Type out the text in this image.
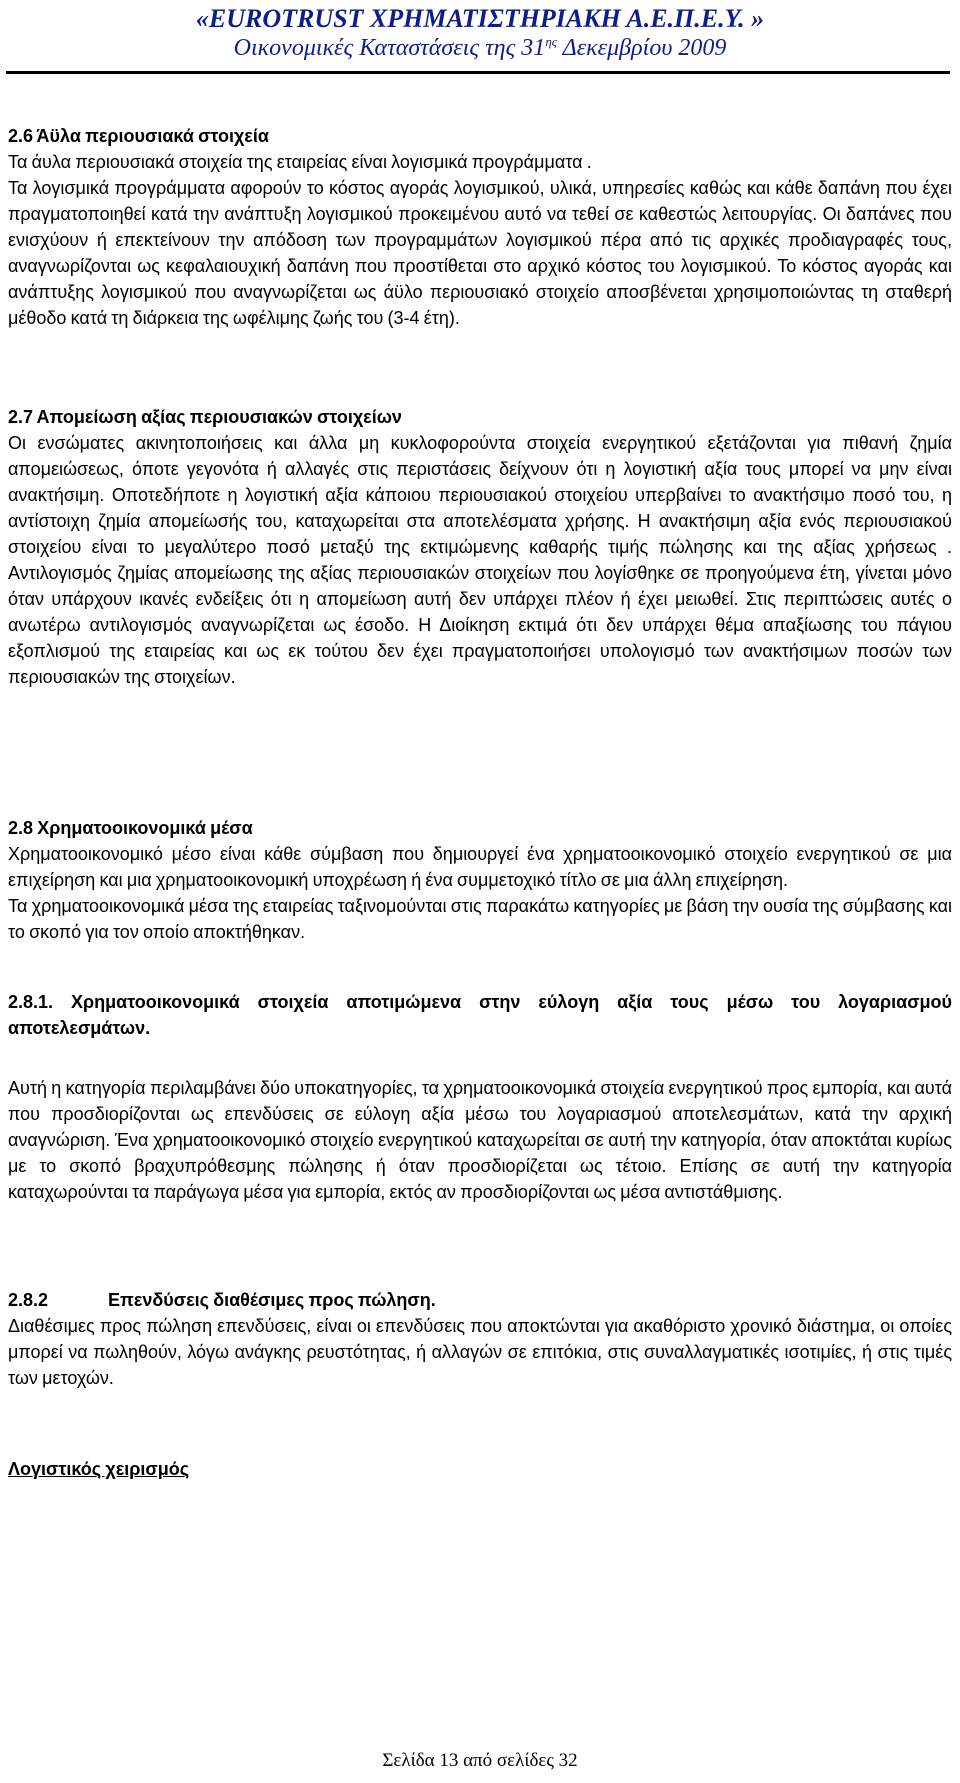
«EUROTRUST ΧΡΗΜΑΤΙΣΤΗΡΙΑΚΗ Α.Ε.Π.Ε.Υ. »
Οικονομικές Καταστάσεις της $31^{\eta\varsigma}$ Δεκεμβρίου 2009

2.6 Άϋλα περιουσιακά στοιχεία

Τα άυλα περιουσιακά στοιχεία της εταιρείας είναι λογισμικά προγράμματα .

Τα λογισμικά προγράμματα αφορούν το κόστος αγοράς λογισμικού, υλικά, υπηρεσίες καθώς και κάθε δαπάνη που έχει πραγματοποιηθεί κατά την ανάπτυξη λογισμικού προκειμένου αυτό να τεθεί σε καθεστώς λειτουργίας. Οι δαπάνες που ενισχύουν ή επεκτείνουν την απόδοση των προγραμμάτων λογισμικού πέρα από τις αρχικές προδιαγραφές τους, αναγνωρίζονται ως κεφαλαιουχική δαπάνη που προστίθεται στο αρχικό κόστος του λογισμικού. Το κόστος αγοράς και ανάπτυξης λογισμικού που αναγνωρίζεται ως άϋλο περιουσιακό στοιχείο αποσβένεται χρησιμοποιώντας τη σταθερή μέθοδο κατά τη διάρκεια της ωφέλιμης ζωής του (3-4 έτη).

2.7 Απομείωση αξίας περιουσιακών στοιχείων

Οι ενσώματες ακινητοποιήσεις και άλλα μη κυκλοφορούντα στοιχεία ενεργητικού εξετάζονται για πιθανή ζημία απομειώσεως, όποτε γεγονότα ή αλλαγές στις περιστάσεις δείχνουν ότι η λογιστική αξία τους μπορεί να μην είναι ανακτήσιμη. Οποτεδήποτε η λογιστική αξία κάποιου περιουσιακού στοιχείου υπερβαίνει το ανακτήσιμο ποσό του, η αντίστοιχη ζημία απομείωσής του, καταχωρείται στα αποτελέσματα χρήσης. Η ανακτήσιμη αξία ενός περιουσιακού στοιχείου είναι το μεγαλύτερο ποσό μεταξύ της εκτιμώμενης καθαρής τιμής πώλησης και της αξίας χρήσεως . Αντιλογισμός ζημίας απομείωσης της αξίας περιουσιακών στοιχείων που λογίσθηκε σε προηγούμενα έτη, γίνεται μόνο όταν υπάρχουν ικανές ενδείξεις ότι η απομείωση αυτή δεν υπάρχει πλέον ή έχει μειωθεί. Στις περιπτώσεις αυτές ο ανωτέρω αντιλογισμός αναγνωρίζεται ως έσοδο. Η Διοίκηση εκτιμά ότι δεν υπάρχει θέμα απαξίωσης του πάγιου εξοπλισμού της εταιρείας και ως εκ τούτου δεν έχει πραγματοποιήσει υπολογισμό των ανακτήσιμων ποσών των περιουσιακών της στοιχείων.

2.8 Χρηματοοικονομικά μέσα

Χρηματοοικονομικό μέσο είναι κάθε σύμβαση που δημιουργεί ένα χρηματοοικονομικό στοιχείο ενεργητικού σε μια επιχείρηση και μια χρηματοοικονομική υποχρέωση ή ένα συμμετοχικό τίτλο σε μια άλλη επιχείρηση.

Τα χρηματοοικονομικά μέσα της εταιρείας ταξινομούνται στις παρακάτω κατηγορίες με βάση την ουσία της σύμβασης και το σκοπό για τον οποίο αποκτήθηκαν.

2.8.1. Χρηματοοικονομικά στοιχεία αποτιμώμενα στην εύλογη αξία τους μέσω του λογαριασμού αποτελεσμάτων.

Αυτή η κατηγορία περιλαμβάνει δύο υποκατηγορίες, τα χρηματοοικονομικά στοιχεία ενεργητικού προς εμπορία, και αυτά που προσδιορίζονται ως επενδύσεις σε εύλογη αξία μέσω του λογαριασμού αποτελεσμάτων, κατά την αρχική αναγνώριση. Ένα χρηματοοικονομικό στοιχείο ενεργητικού καταχωρείται σε αυτή την κατηγορία, όταν αποκτάται κυρίως με το σκοπό βραχυπρόθεσμης πώλησης ή όταν προσδιορίζεται ως τέτοιο. Επίσης σε αυτή την κατηγορία καταχωρούνται τα παράγωγα μέσα για εμπορία, εκτός αν προσδιορίζονται ως μέσα αντιστάθμισης.

2.8.2	Επενδύσεις διαθέσιμες προς πώληση.

Διαθέσιμες προς πώληση επενδύσεις, είναι οι επενδύσεις που αποκτώνται για ακαθόριστο χρονικό διάστημα, οι οποίες μπορεί να πωληθούν, λόγω ανάγκης ρευστότητας, ή αλλαγών σε επιτόκια, στις συναλλαγματικές ισοτιμίες, ή στις τιμές των μετοχών.

Λογιστικός χειρισμός

Σελίδα 13 από σελίδες 32
